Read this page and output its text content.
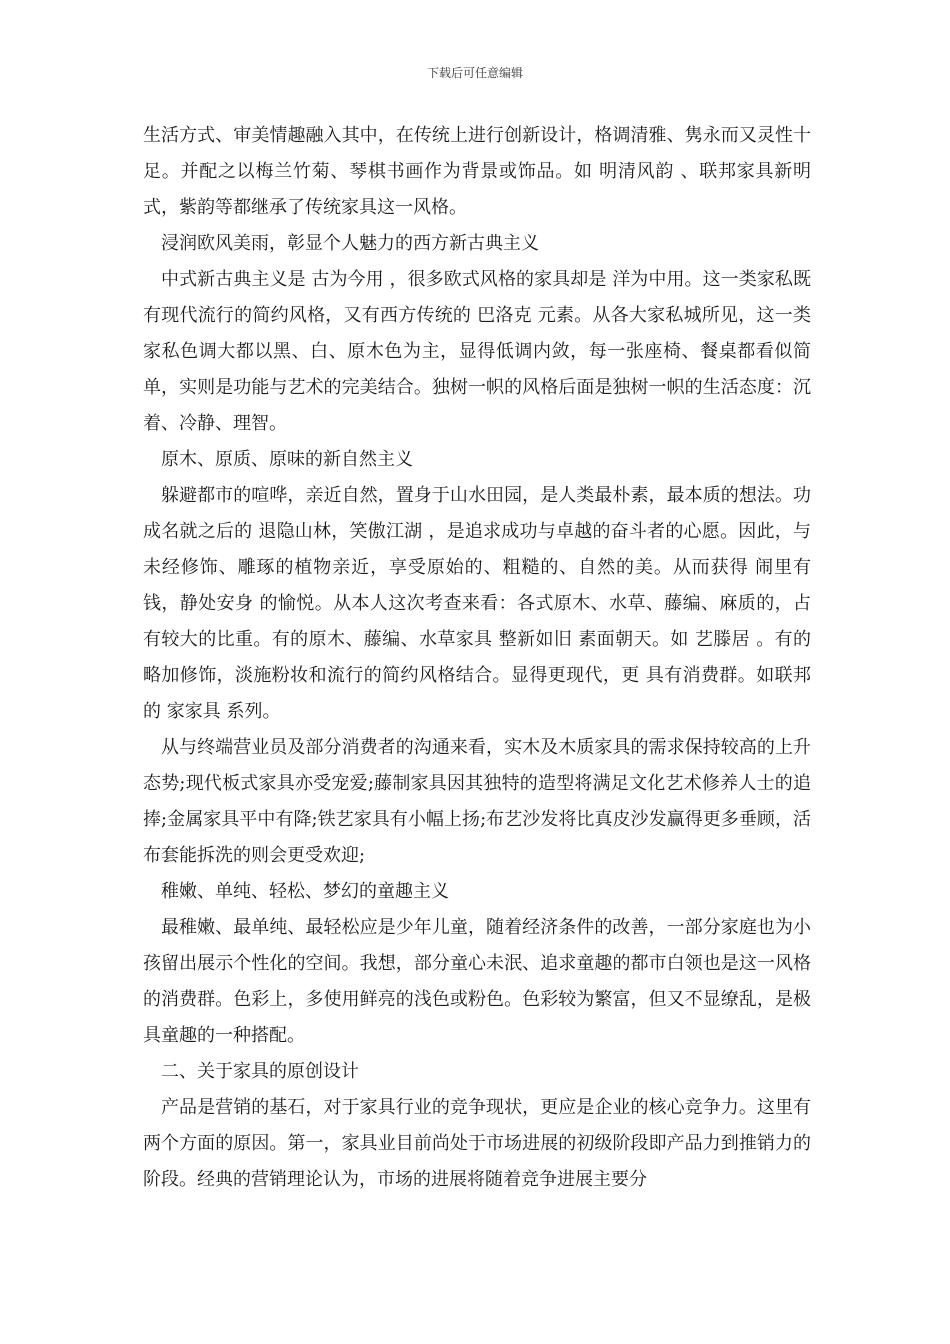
下载后可任意编辑

生活方式、审美情趣融入其中，在传统上进行创新设计，格调清雅、隽永而又灵性十足。并配之以梅兰竹菊、琴棋书画作为背景或饰品。如 明清风韵 、联邦家具新明式，紫韵等都继承了传统家具这一风格。

浸润欧风美雨，彰显个人魅力的西方新古典主义

中式新古典主义是 古为今用 ，很多欧式风格的家具却是 洋为中用。这一类家私既有现代流行的简约风格，又有西方传统的 巴洛克 元素。从各大家私城所见，这一类家私色调大都以黑、白、原木色为主，显得低调内敛，每一张座椅、餐桌都看似简单，实则是功能与艺术的完美结合。独树一帜的风格后面是独树一帜的生活态度：沉着、冷静、理智。

原木、原质、原味的新自然主义

躲避都市的喧哗，亲近自然，置身于山水田园，是人类最朴素，最本质的想法。功成名就之后的 退隐山林，笑傲江湖 ，是追求成功与卓越的奋斗者的心愿。因此，与未经修饰、雕琢的植物亲近，享受原始的、粗糙的、自然的美。从而获得 闹里有钱，静处安身 的愉悦。从本人这次考查来看：各式原木、水草、藤编、麻质的，占有较大的比重。有的原木、藤编、水草家具 整新如旧 素面朝天。如 艺滕居 。有的略加修饰，淡施粉妆和流行的简约风格结合。显得更现代，更 具有消费群。如联邦的 家家具 系列。

从与终端营业员及部分消费者的沟通来看，实木及木质家具的需求保持较高的上升态势;现代板式家具亦受宠爱;藤制家具因其独特的造型将满足文化艺术修养人士的追捧;金属家具平中有降;铁艺家具有小幅上扬;布艺沙发将比真皮沙发赢得更多垂顾，活布套能拆洗的则会更受欢迎;

稚嫩、单纯、轻松、梦幻的童趣主义

最稚嫩、最单纯、最轻松应是少年儿童，随着经济条件的改善，一部分家庭也为小孩留出展示个性化的空间。我想，部分童心未泯、追求童趣的都市白领也是这一风格的消费群。色彩上，多使用鲜亮的浅色或粉色。色彩较为繁富，但又不显缭乱，是极具童趣的一种搭配。

二、关于家具的原创设计

产品是营销的基石，对于家具行业的竞争现状，更应是企业的核心竞争力。这里有两个方面的原因。第一，家具业目前尚处于市场进展的初级阶段即产品力到推销力的阶段。经典的营销理论认为，市场的进展将随着竞争进展主要分
